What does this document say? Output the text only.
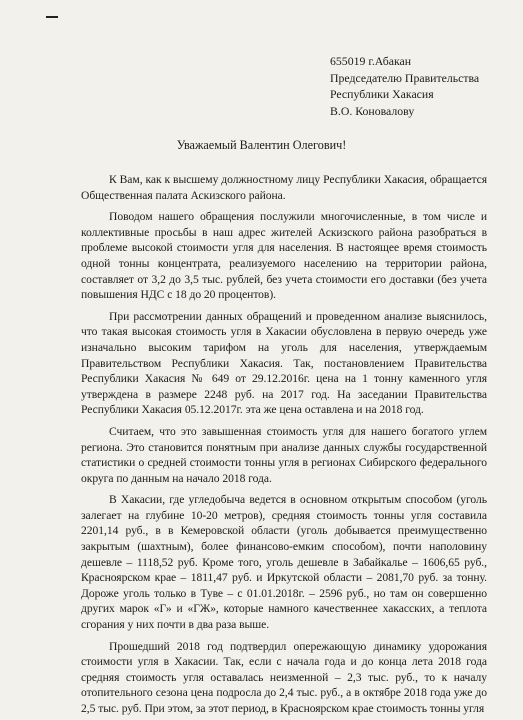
655019 г.Абакан
Председателю Правительства
Республики Хакасия
В.О. Коновалову
Уважаемый Валентин Олегович!

К Вам, как к высшему должностному лицу Республики Хакасия, обращается Общественная палата Аскизского района.

Поводом нашего обращения послужили многочисленные, в том числе и коллективные просьбы в наш адрес жителей Аскизского района разобраться в проблеме высокой стоимости угля для населения. В настоящее время стоимость одной тонны концентрата, реализуемого населению на территории района, составляет от 3,2 до 3,5 тыс. рублей, без учета стоимости его доставки (без учета повышения НДС с 18 до 20 процентов).

При рассмотрении данных обращений и проведенном анализе выяснилось, что такая высокая стоимость угля в Хакасии обусловлена в первую очередь уже изначально высоким тарифом на уголь для населения, утверждаемым Правительством Республики Хакасия. Так, постановлением Правительства Республики Хакасия № 649 от 29.12.2016г. цена на 1 тонну каменного угля утверждена в размере 2248 руб. на 2017 год. На заседании Правительства Республики Хакасия 05.12.2017г. эта же цена оставлена и на 2018 год.

Считаем, что это завышенная стоимость угля для нашего богатого углем региона. Это становится понятным при анализе данных службы государственной статистики о средней стоимости тонны угля в регионах Сибирского федерального округа по данным на начало 2018 года.

В Хакасии, где угледобыча ведется в основном открытым способом (уголь залегает на глубине 10-20 метров), средняя стоимость тонны угля составила 2201,14 руб., в в Кемеровской области (уголь добывается преимущественно закрытым (шахтным), более финансово-емким способом), почти наполовину дешевле – 1118,52 руб. Кроме того, уголь дешевле в Забайкалье – 1606,65 руб., Красноярском крае – 1811,47 руб. и Иркутской области – 2081,70 руб. за тонну. Дороже уголь только в Туве – с 01.01.2018г. – 2596 руб., но там он совершенно других марок «Г» и «ГЖ», которые намного качественнее хакасских, а теплота сгорания у них почти в два раза выше.

Прошедший 2018 год подтвердил опережающую динамику удорожания стоимости угля в Хакасии. Так, если с начала года и до конца лета 2018 года средняя стоимость угля оставалась неизменной – 2,3 тыс. руб., то к началу отопительного сезона цена подросла до 2,4 тыс. руб., а в октябре 2018 года уже до 2,5 тыс. руб. При этом, за этот период, в Красноярском крае стоимость тонны угля
